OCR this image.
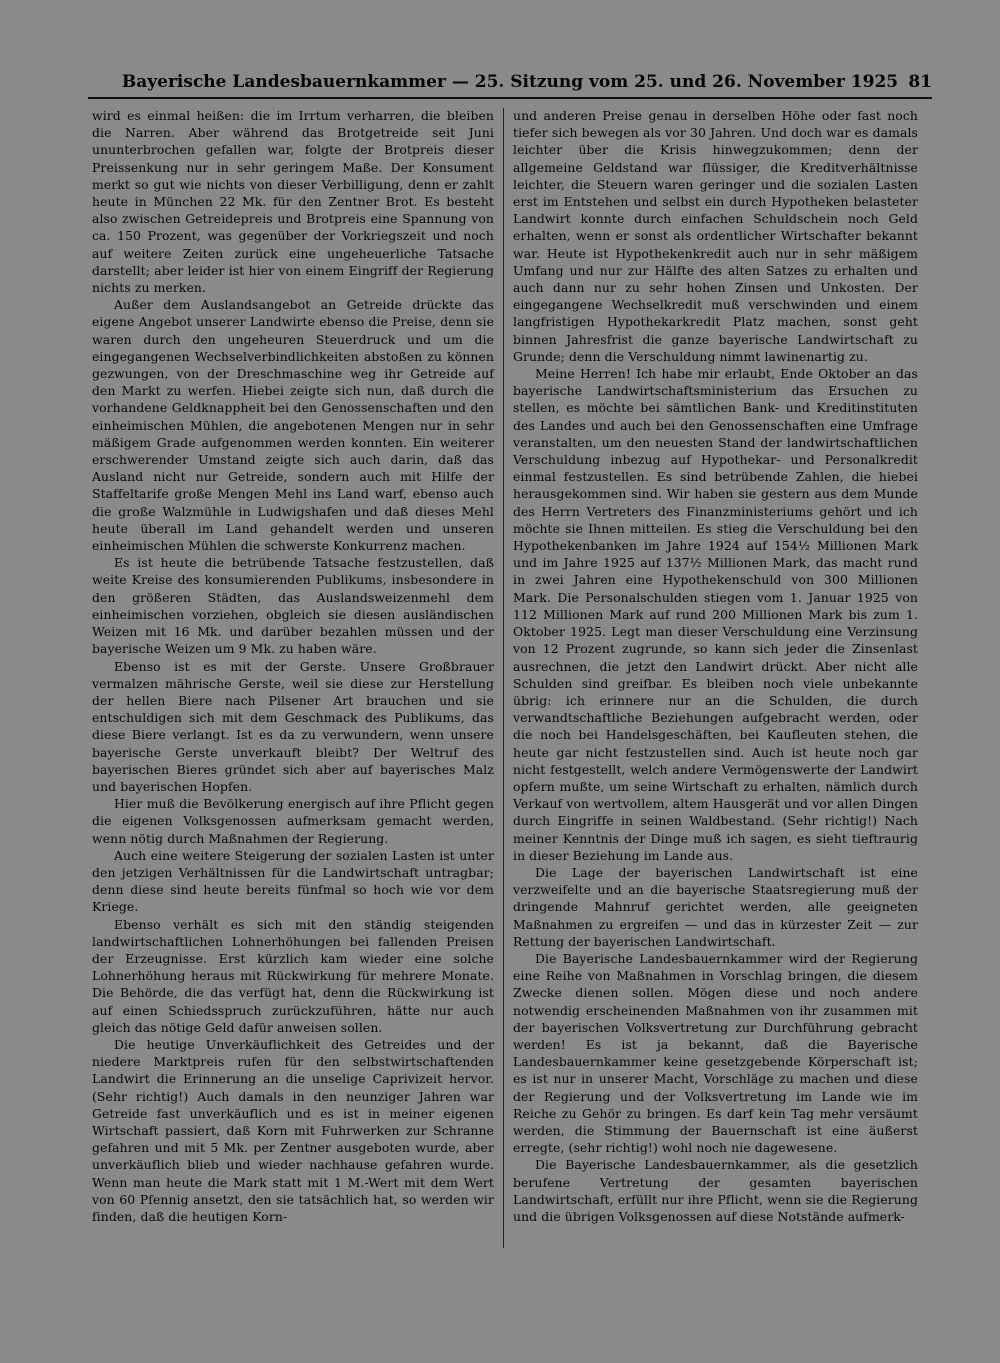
Bayerische Landesbauernkammer — 25. Sitzung vom 25. und 26. November 1925 81

wird es einmal heißen: die im Irrtum verharren, die bleiben die Narren. Aber während das Brotgetreide seit Juni ununterbrochen gefallen war, folgte der Brotpreis dieser Preissenkung nur in sehr geringem Maße. Der Konsument merkt so gut wie nichts von dieser Verbilligung, denn er zahlt heute in München 22 Mk. für den Zentner Brot. Es besteht also zwischen Getreidepreis und Brotpreis eine Spannung von ca. 150 Prozent, was gegenüber der Vorkriegszeit und noch auf weitere Zeiten zurück eine ungeheuerliche Tatsache darstellt; aber leider ist hier von einem Eingriff der Regierung nichts zu merken.

Außer dem Auslandsangebot an Getreide drückte das eigene Angebot unserer Landwirte ebenso die Preise, denn sie waren durch den ungeheuren Steuerdruck und um die eingegangenen Wechselverbindlichkeiten abstoßen zu können gezwungen, von der Dreschmaschine weg ihr Getreide auf den Markt zu werfen. Hiebei zeigte sich nun, daß durch die vorhandene Geldknappheit bei den Genossenschaften und den einheimischen Mühlen, die angebotenen Mengen nur in sehr mäßigem Grade aufgenommen werden konnten. Ein weiterer erschwerender Umstand zeigte sich auch darin, daß das Ausland nicht nur Getreide, sondern auch mit Hilfe der Staffeltarife große Mengen Mehl ins Land warf, ebenso auch die große Walzmühle in Ludwigshafen und daß dieses Mehl heute überall im Land gehandelt werden und unseren einheimischen Mühlen die schwerste Konkurrenz machen.

Es ist heute die betrübende Tatsache festzustellen, daß weite Kreise des konsumierenden Publikums, insbesondere in den größeren Städten, das Auslandsweizenmehl dem einheimischen vorziehen, obgleich sie diesen ausländischen Weizen mit 16 Mk. und darüber bezahlen müssen und der bayerische Weizen um 9 Mk. zu haben wäre.

Ebenso ist es mit der Gerste. Unsere Großbrauer vermalzen mährische Gerste, weil sie diese zur Herstellung der hellen Biere nach Pilsener Art brauchen und sie entschuldigen sich mit dem Geschmack des Publikums, das diese Biere verlangt. Ist es da zu verwundern, wenn unsere bayerische Gerste unverkauft bleibt? Der Weltruf des bayerischen Bieres gründet sich aber auf bayerisches Malz und bayerischen Hopfen.

Hier muß die Bevölkerung energisch auf ihre Pflicht gegen die eigenen Volksgenossen aufmerksam gemacht werden, wenn nötig durch Maßnahmen der Regierung.

Auch eine weitere Steigerung der sozialen Lasten ist unter den jetzigen Verhältnissen für die Landwirtschaft untragbar; denn diese sind heute bereits fünfmal so hoch wie vor dem Kriege.

Ebenso verhält es sich mit den ständig steigenden landwirtschaftlichen Lohnerhöhungen bei fallenden Preisen der Erzeugnisse. Erst kürzlich kam wieder eine solche Lohnerhöhung heraus mit Rückwirkung für mehrere Monate. Die Behörde, die das verfügt hat, denn die Rückwirkung ist auf einen Schiedsspruch zurückzuführen, hätte nur auch gleich das nötige Geld dafür anweisen sollen.

Die heutige Unverkäuflichkeit des Getreides und der niedere Marktpreis rufen für den selbstwirtschaftenden Landwirt die Erinnerung an die unselige Caprivizeit hervor. (Sehr richtig!) Auch damals in den neunziger Jahren war Getreide fast unverkäuflich und es ist in meiner eigenen Wirtschaft passiert, daß Korn mit Fuhrwerken zur Schranne gefahren und mit 5 Mk. per Zentner ausgeboten wurde, aber unverkäuflich blieb und wieder nachhause gefahren wurde. Wenn man heute die Mark statt mit 1 M.-Wert mit dem Wert von 60 Pfennig ansetzt, den sie tatsächlich hat, so werden wir finden, daß die heutigen Korn-

und anderen Preise genau in derselben Höhe oder fast noch tiefer sich bewegen als vor 30 Jahren. Und doch war es damals leichter über die Krisis hinwegzukommen; denn der allgemeine Geldstand war flüssiger, die Kreditverhältnisse leichter, die Steuern waren geringer und die sozialen Lasten erst im Entstehen und selbst ein durch Hypotheken belasteter Landwirt konnte durch einfachen Schuldschein noch Geld erhalten, wenn er sonst als ordentlicher Wirtschafter bekannt war. Heute ist Hypothekenkredit auch nur in sehr mäßigem Umfang und nur zur Hälfte des alten Satzes zu erhalten und auch dann nur zu sehr hohen Zinsen und Unkosten. Der eingegangene Wechselkredit muß verschwinden und einem langfristigen Hypothekarkredit Platz machen, sonst geht binnen Jahresfrist die ganze bayerische Landwirtschaft zu Grunde; denn die Verschuldung nimmt lawinenartig zu.

Meine Herren! Ich habe mir erlaubt, Ende Oktober an das bayerische Landwirtschaftsministerium das Ersuchen zu stellen, es möchte bei sämtlichen Bank- und Kreditinstituten des Landes und auch bei den Genossenschaften eine Umfrage veranstalten, um den neuesten Stand der landwirtschaftlichen Verschuldung inbezug auf Hypothekar- und Personalkredit einmal festzustellen. Es sind betrübende Zahlen, die hiebei herausgekommen sind. Wir haben sie gestern aus dem Munde des Herrn Vertreters des Finanzministeriums gehört und ich möchte sie Ihnen mitteilen. Es stieg die Verschuldung bei den Hypothekenbanken im Jahre 1924 auf 154½ Millionen Mark und im Jahre 1925 auf 137½ Millionen Mark, das macht rund in zwei Jahren eine Hypothekenschuld von 300 Millionen Mark. Die Personalschulden stiegen vom 1. Januar 1925 von 112 Millionen Mark auf rund 200 Millionen Mark bis zum 1. Oktober 1925. Legt man dieser Verschuldung eine Verzinsung von 12 Prozent zugrunde, so kann sich jeder die Zinsenlast ausrechnen, die jetzt den Landwirt drückt. Aber nicht alle Schulden sind greifbar. Es bleiben noch viele unbekannte übrig: ich erinnere nur an die Schulden, die durch verwandtschaftliche Beziehungen aufgebracht werden, oder die noch bei Handelsgeschäften, bei Kaufleuten stehen, die heute gar nicht festzustellen sind. Auch ist heute noch gar nicht festgestellt, welch andere Vermögenswerte der Landwirt opfern mußte, um seine Wirtschaft zu erhalten, nämlich durch Verkauf von wertvollem, altem Hausgerät und vor allen Dingen durch Eingriffe in seinen Waldbestand. (Sehr richtig!) Nach meiner Kenntnis der Dinge muß ich sagen, es sieht tieftraurig in dieser Beziehung im Lande aus.

Die Lage der bayerischen Landwirtschaft ist eine verzweifelte und an die bayerische Staatsregierung muß der dringende Mahnruf gerichtet werden, alle geeigneten Maßnahmen zu ergreifen — und das in kürzester Zeit — zur Rettung der bayerischen Landwirtschaft.

Die Bayerische Landesbauernkammer wird der Regierung eine Reihe von Maßnahmen in Vorschlag bringen, die diesem Zwecke dienen sollen. Mögen diese und noch andere notwendig erscheinenden Maßnahmen von ihr zusammen mit der bayerischen Volksvertretung zur Durchführung gebracht werden! Es ist ja bekannt, daß die Bayerische Landesbauernkammer keine gesetzgebende Körperschaft ist; es ist nur in unserer Macht, Vorschläge zu machen und diese der Regierung und der Volksvertretung im Lande wie im Reiche zu Gehör zu bringen. Es darf kein Tag mehr versäumt werden, die Stimmung der Bauernschaft ist eine äußerst erregte, (sehr richtig!) wohl noch nie dagewesene.

Die Bayerische Landesbauernkammer, als die gesetzlich berufene Vertretung der gesamten bayerischen Landwirtschaft, erfüllt nur ihre Pflicht, wenn sie die Regierung und die übrigen Volksgenossen auf diese Notstände aufmerk-
